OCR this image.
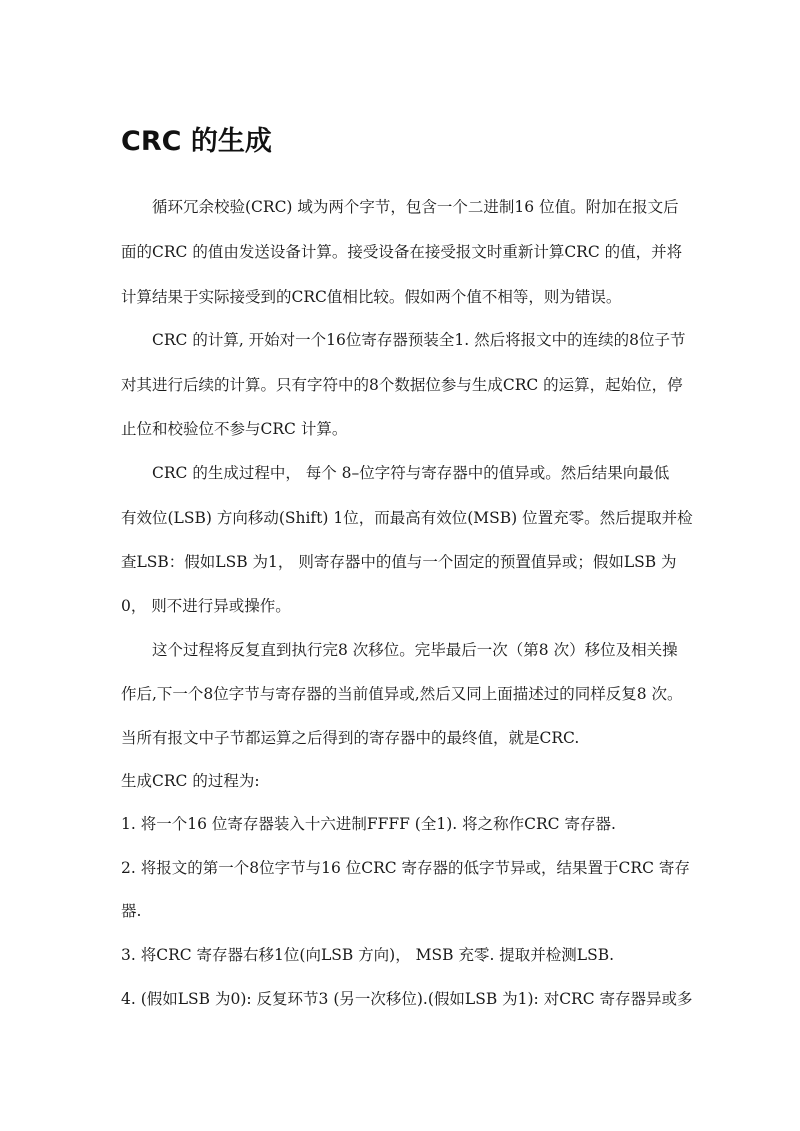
CRC 的生成
循环冗余校验(CRC) 域为两个字节，包含一个二进制16 位值。附加在报文后
面的CRC 的值由发送设备计算。接受设备在接受报文时重新计算CRC 的值，并将
计算结果于实际接受到的CRC值相比较。假如两个值不相等，则为错误。
CRC 的计算, 开始对一个16位寄存器预装全1. 然后将报文中的连续的8位子节
对其进行后续的计算。只有字符中的8个数据位参与生成CRC 的运算，起始位，停
止位和校验位不参与CRC 计算。
CRC 的生成过程中， 每个 8–位字符与寄存器中的值异或。然后结果向最低
有效位(LSB) 方向移动(Shift) 1位，而最高有效位(MSB) 位置充零。然后提取并检
查LSB：假如LSB 为1， 则寄存器中的值与一个固定的预置值异或；假如LSB 为
0， 则不进行异或操作。
这个过程将反复直到执行完8 次移位。完毕最后一次（第8 次）移位及相关操
作后,下一个8位字节与寄存器的当前值异或,然后又同上面描述过的同样反复8 次。
当所有报文中子节都运算之后得到的寄存器中的最终值，就是CRC.
生成CRC 的过程为:
1. 将一个16 位寄存器装入十六进制FFFF (全1). 将之称作CRC 寄存器.
2. 将报文的第一个8位字节与16 位CRC 寄存器的低字节异或，结果置于CRC 寄存
器.
3. 将CRC 寄存器右移1位(向LSB 方向)， MSB 充零. 提取并检测LSB.
4. (假如LSB 为0): 反复环节3 (另一次移位).(假如LSB 为1): 对CRC 寄存器异或多
